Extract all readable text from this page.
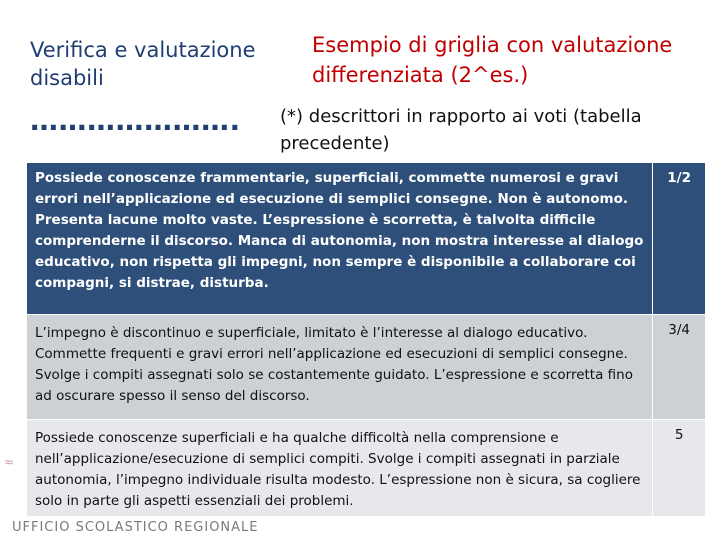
Verifica e valutazione disabili
Esempio di griglia con valutazione differenziata (2^es.)
…………………. (*) descrittori in rapporto ai voti (tabella precedente)
Possiede conoscenze frammentarie, superficiali, commette numerosi e gravi errori nell’applicazione ed esecuzione di semplici consegne. Non è autonomo. Presenta lacune molto vaste. L’espressione è scorretta, è talvolta difficile comprenderne il discorso. Manca di autonomia, non mostra interesse al dialogo educativo, non rispetta gli impegni, non sempre è disponibile a collaborare coi compagni, si distrae, disturba.	1/2
L’impegno è discontinuo e superficiale, limitato è l’interesse al dialogo educativo. Commette frequenti e gravi errori nell’applicazione ed esecuzioni di semplici consegne. Svolge i compiti assegnati solo se costantemente guidato. L’espressione e scorretta fino ad oscurare spesso il senso del discorso.	3/4
Possiede conoscenze superficiali e ha qualche difficoltà nella comprensione e nell’applicazione/esecuzione di semplici compiti. Svolge i compiti assegnati in parziale autonomia, l’impegno individuale risulta modesto. L’espressione non è sicura, sa cogliere solo in parte gli aspetti essenziali dei problemi.	5
≈
UFFICIO SCOLASTICO REGIONALE
